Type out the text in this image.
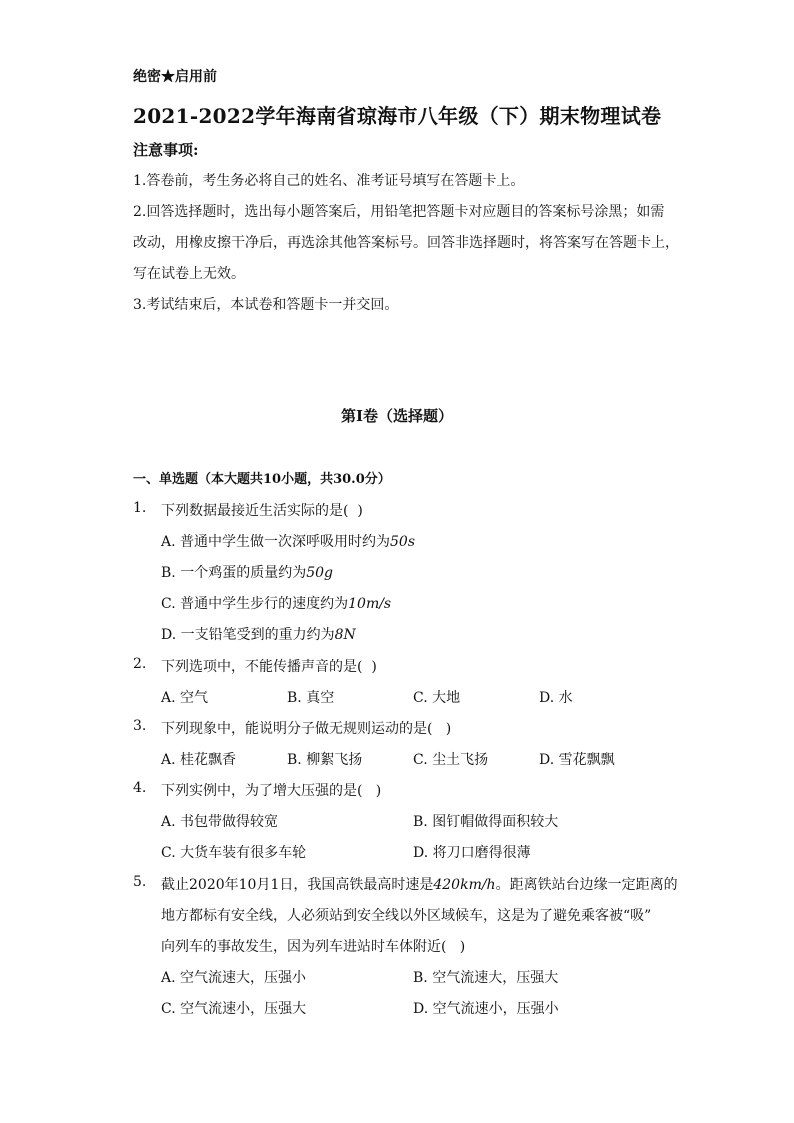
绝密★启用前
2021-2022学年海南省琼海市八年级（下）期末物理试卷
注意事项:
1.答卷前，考生务必将自己的姓名、准考证号填写在答题卡上。
2.回答选择题时，选出每小题答案后，用铅笔把答题卡对应题目的答案标号涂黑；如需
改动，用橡皮擦干净后，再选涂其他答案标号。回答非选择题时，将答案写在答题卡上，
写在试卷上无效。
3.考试结束后，本试卷和答题卡一并交回。
第I卷（选择题）
一、单选题（本大题共10小题，共30.0分）
1. 下列数据最接近生活实际的是(  )
A. 普通中学生做一次深呼吸用时约为50s
B. 一个鸡蛋的质量约为50g
C. 普通中学生步行的速度约为10m/s
D. 一支铅笔受到的重力约为8N
2. 下列选项中，不能传播声音的是(  )
A. 空气	B. 真空	C. 大地	D. 水
3. 下列现象中，能说明分子做无规则运动的是(   )
A. 桂花飘香	B. 柳絮飞扬	C. 尘土飞扬	D. 雪花飘飘
4. 下列实例中，为了增大压强的是(   )
A. 书包带做得较宽	B. 图钉帽做得面积较大
C. 大货车装有很多车轮	D. 将刀口磨得很薄
5. 截止2020年10月1日，我国高铁最高时速是420km/h。距离铁站台边缘一定距离的
地方都标有安全线，人必须站到安全线以外区域候车，这是为了避免乘客被“吸”
向列车的事故发生，因为列车进站时车体附近(   )
A. 空气流速大，压强小	B. 空气流速大，压强大
C. 空气流速小，压强大	D. 空气流速小，压强小
